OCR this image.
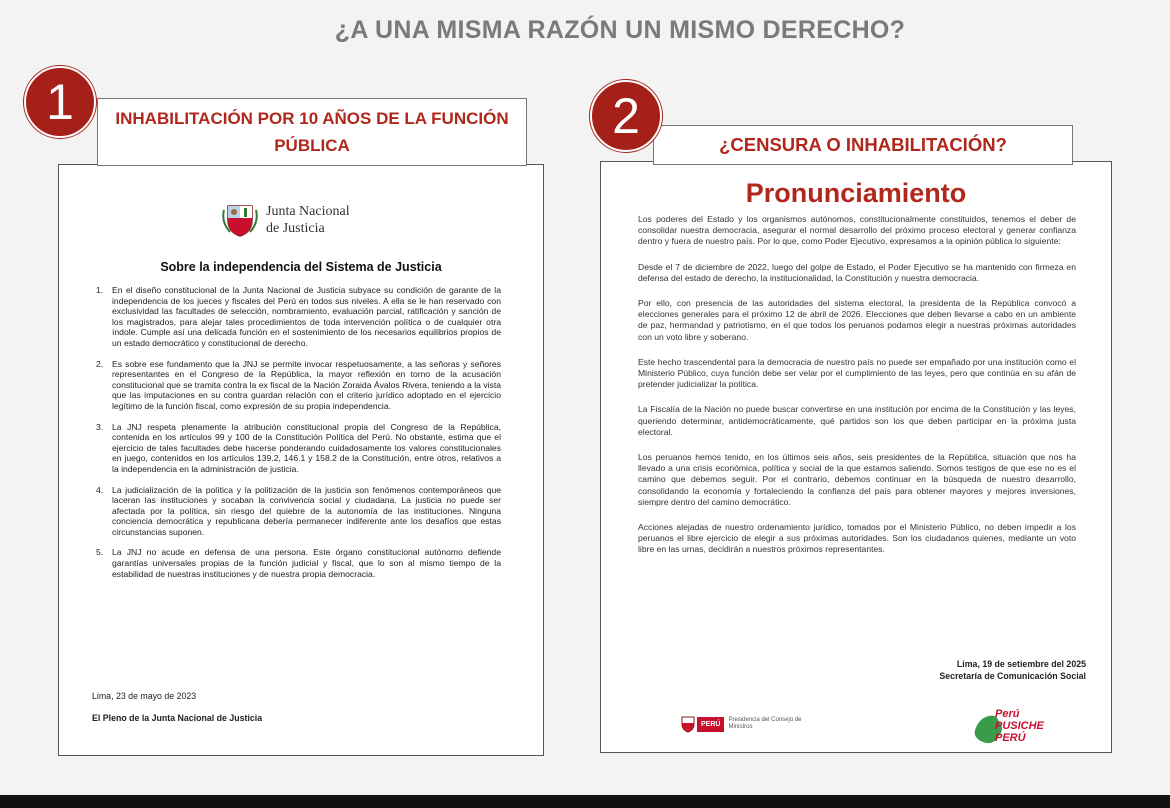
¿A UNA MISMA RAZÓN UN MISMO DERECHO?
1	INHABILITACIÓN POR 10 AÑOS DE LA FUNCIÓN PÚBLICA
Junta Nacional de Justicia
Sobre la independencia del Sistema de Justicia
1.	En el diseño constitucional de la Junta Nacional de Justicia subyace su condición de garante de la independencia de los jueces y fiscales del Perú en todos sus niveles. A ella se le han reservado con exclusividad las facultades de selección, nombramiento, evaluación parcial, ratificación y sanción de los magistrados, para alejar tales procedimientos de toda intervención política o de cualquier otra índole. Cumple así una delicada función en el sostenimiento de los necesarios equilibrios propios de un estado democrático y constitucional de derecho.
2.	Es sobre ese fundamento que la JNJ se permite invocar respetuosamente, a las señoras y señores representantes en el Congreso de la República, la mayor reflexión en torno de la acusación constitucional que se tramita contra la ex fiscal de la Nación Zoraida Ávalos Rivera, teniendo a la vista que las imputaciones en su contra guardan relación con el criterio jurídico adoptado en el ejercicio legítimo de la función fiscal, como expresión de su propia independencia.
3.	La JNJ respeta plenamente la atribución constitucional propia del Congreso de la República, contenida en los artículos 99 y 100 de la Constitución Política del Perú. No obstante, estima que el ejercicio de tales facultades debe hacerse ponderando cuidadosamente los valores constitucionales en juego, contenidos en los artículos 139.2, 146.1 y 158.2 de la Constitución, entre otros, relativos a la independencia en la administración de justicia.
4.	La judicialización de la política y la politización de la justicia son fenómenos contemporáneos que laceran las instituciones y socaban la convivencia social y ciudadana. La justicia no puede ser afectada por la política, sin riesgo del quiebre de la autonomía de las instituciones. Ninguna conciencia democrática y republicana debería permanecer indiferente ante los desafíos que estas circunstancias suponen.
5.	La JNJ no acude en defensa de una persona. Este órgano constitucional autónomo defiende garantías universales propias de la función judicial y fiscal, que lo son al mismo tiempo de la estabilidad de nuestras instituciones y de nuestra propia democracia.
Lima, 23 de mayo de 2023
El Pleno de la Junta Nacional de Justicia
2
¿CENSURA O INHABILITACIÓN?
Pronunciamiento

Los poderes del Estado y los organismos autónomos, constitucionalmente constituidos, tenemos el deber de consolidar nuestra democracia, asegurar el normal desarrollo del próximo proceso electoral y generar confianza dentro y fuera de nuestro país. Por lo que, como Poder Ejecutivo, expresamos a la opinión pública lo siguiente:

Desde el 7 de diciembre de 2022, luego del golpe de Estado, el Poder Ejecutivo se ha mantenido con firmeza en defensa del estado de derecho, la institucionalidad, la Constitución y nuestra democracia.

Por ello, con presencia de las autoridades del sistema electoral, la presidenta de la República convocó a elecciones generales para el próximo 12 de abril de 2026. Elecciones que deben llevarse a cabo en un ambiente de paz, hermandad y patriotismo, en el que todos los peruanos podamos elegir a nuestras próximas autoridades con un voto libre y soberano.

Este hecho trascendental para la democracia de nuestro país no puede ser empañado por una institución como el Ministerio Público, cuya función debe ser velar por el cumplimiento de las leyes, pero que continúa en su afán de pretender judicializar la política.

La Fiscalía de la Nación no puede buscar convertirse en una institución por encima de la Constitución y las leyes, queriendo determinar, antidemocráticamente, qué partidos son los que deben participar en la próxima justa electoral.

Los peruanos hemos tenido, en los últimos seis años, seis presidentes de la República, situación que nos ha llevado a una crisis económica, política y social de la que estamos saliendo. Somos testigos de que ese no es el camino que debemos seguir. Por el contrario, debemos continuar en la búsqueda de nuestro desarrollo, consolidando la economía y fortaleciendo la confianza del país para obtener mayores y mejores inversiones, siempre dentro del camino democrático.

Acciones alejadas de nuestro ordenamiento jurídico, tomados por el Ministerio Público, no deben impedir a los peruanos el libre ejercicio de elegir a sus próximas autoridades. Son los ciudadanos quienes, mediante un voto libre en las urnas, decidirán a nuestros próximos representantes.

Lima, 19 de setiembre del 2025
Secretaría de Comunicación Social
PERÚ
Presidencia del Consejo de Ministros
Perú PUSICHE PERÚ
